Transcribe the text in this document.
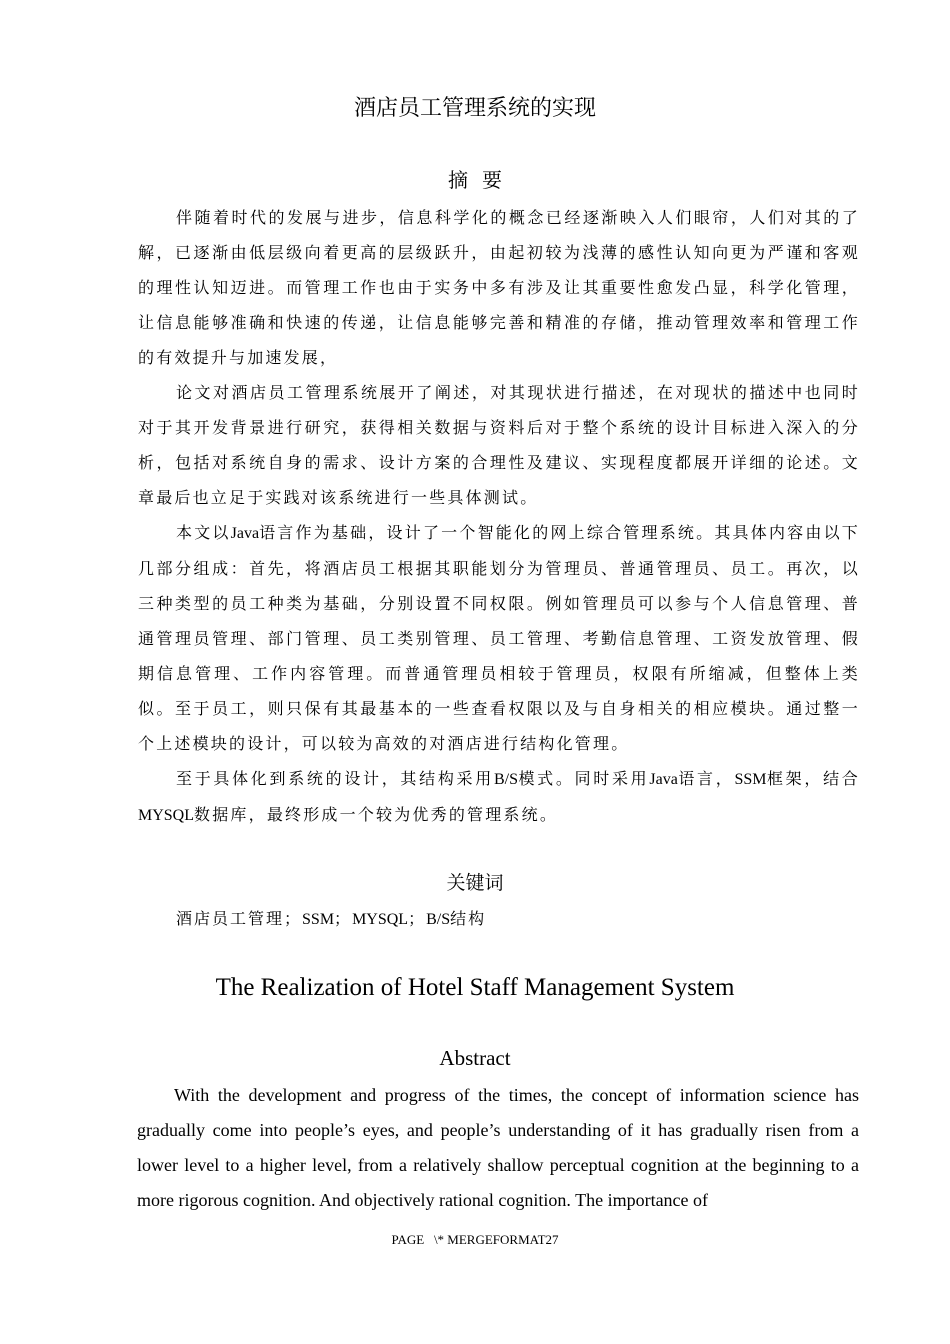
酒店员工管理系统的实现
摘要

伴随着时代的发展与进步，信息科学化的概念已经逐渐映入人们眼帘，人们对其的了解，已逐渐由低层级向着更高的层级跃升，由起初较为浅薄的感性认知向更为严谨和客观的理性认知迈进。而管理工作也由于实务中多有涉及让其重要性愈发凸显，科学化管理，让信息能够准确和快速的传递，让信息能够完善和精准的存储，推动管理效率和管理工作的有效提升与加速发展，

论文对酒店员工管理系统展开了阐述，对其现状进行描述，在对现状的描述中也同时对于其开发背景进行研究，获得相关数据与资料后对于整个系统的设计目标进入深入的分析，包括对系统自身的需求、设计方案的合理性及建议、实现程度都展开详细的论述。文章最后也立足于实践对该系统进行一些具体测试。

本文以Java语言作为基础，设计了一个智能化的网上综合管理系统。其具体内容由以下几部分组成：首先，将酒店员工根据其职能划分为管理员、普通管理员、员工。再次，以三种类型的员工种类为基础，分别设置不同权限。例如管理员可以参与个人信息管理、普通管理员管理、部门管理、员工类别管理、员工管理、考勤信息管理、工资发放管理、假期信息管理、工作内容管理。而普通管理员相较于管理员，权限有所缩减，但整体上类似。至于员工，则只保有其最基本的一些查看权限以及与自身相关的相应模块。通过整一个上述模块的设计，可以较为高效的对酒店进行结构化管理。

至于具体化到系统的设计，其结构采用B/S模式。同时采用Java语言，SSM框架，结合MYSQL数据库，最终形成一个较为优秀的管理系统。

关键词
酒店员工管理；SSM；MYSQL；B/S结构
The Realization of Hotel Staff Management System
Abstract

With the development and progress of the times, the concept of information science has gradually come into people’s eyes, and people’s understanding of it has gradually risen from a lower level to a higher level, from a relatively shallow perceptual cognition at the beginning to a more rigorous cognition. And objectively rational cognition. The importance of

PAGE   \* MERGEFORMAT27
